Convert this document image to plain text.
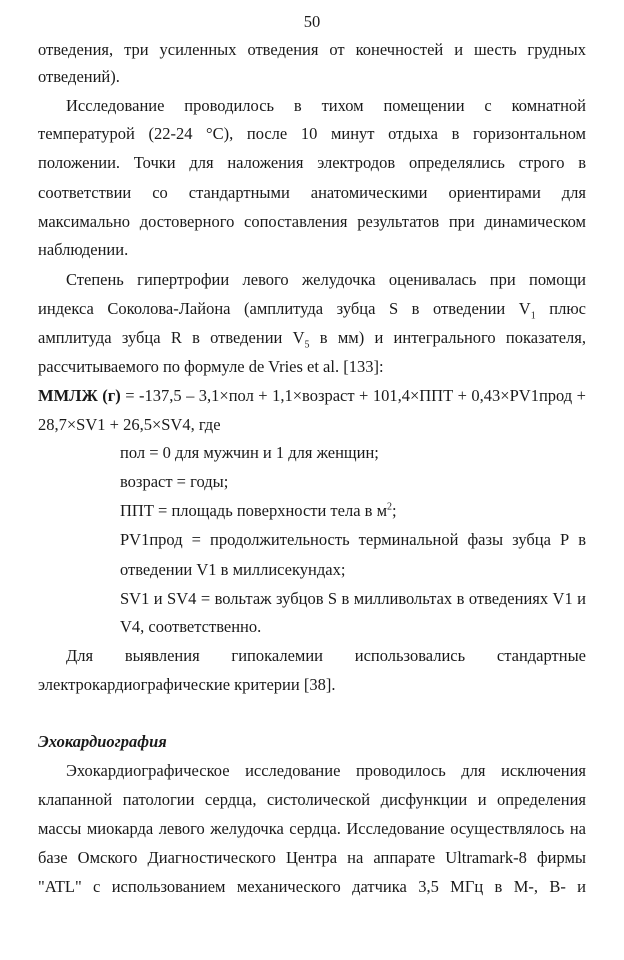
50
отведения, три усиленных отведения от конечностей и шесть грудных
отведений).
Исследование проводилось в тихом помещении с комнатной
температурой (22-24 °С), после 10 минут отдыха в горизонтальном
положении. Точки для наложения электродов определялись строго в
соответствии со стандартными анатомическими ориентирами для
максимально достоверного сопоставления результатов при динамическом
наблюдении.
Степень гипертрофии левого желудочка оценивалась при помощи
индекса Соколова-Лайона (амплитуда зубца S в отведении $V_1$ плюс
амплитуда зубца R в отведении $V_5$ в мм) и интегрального показателя,
рассчитываемого по формуле de Vries et al. [133]:
ММЛЖ (г) = -137,5 – 3,1×пол + 1,1×возраст + 101,4×ППТ + 0,43×PV1прод +
28,7×SV1 + 26,5×SV4, где
пол = 0 для мужчин и 1 для женщин;
возраст = годы;
ППТ = площадь поверхности тела в $м^2$;
PV1прод = продолжительность терминальной фазы зубца Р в
отведении V1 в миллисекундах;
SV1 и SV4 = вольтаж зубцов S в милливольтах в отведениях V1 и
V4, соответственно.
Для выявления гипокалемии использовались стандартные
электрокардиографические критерии [38].
Эхокардиография
Эхокардиографическое исследование проводилось для исключения
клапанной патологии сердца, систолической дисфункции и определения
массы миокарда левого желудочка сердца. Исследование осуществлялось на
базе Омского Диагностического Центра на аппарате Ultramark-8 фирмы
"ATL" с использованием механического датчика 3,5 МГц в М-, В- и
